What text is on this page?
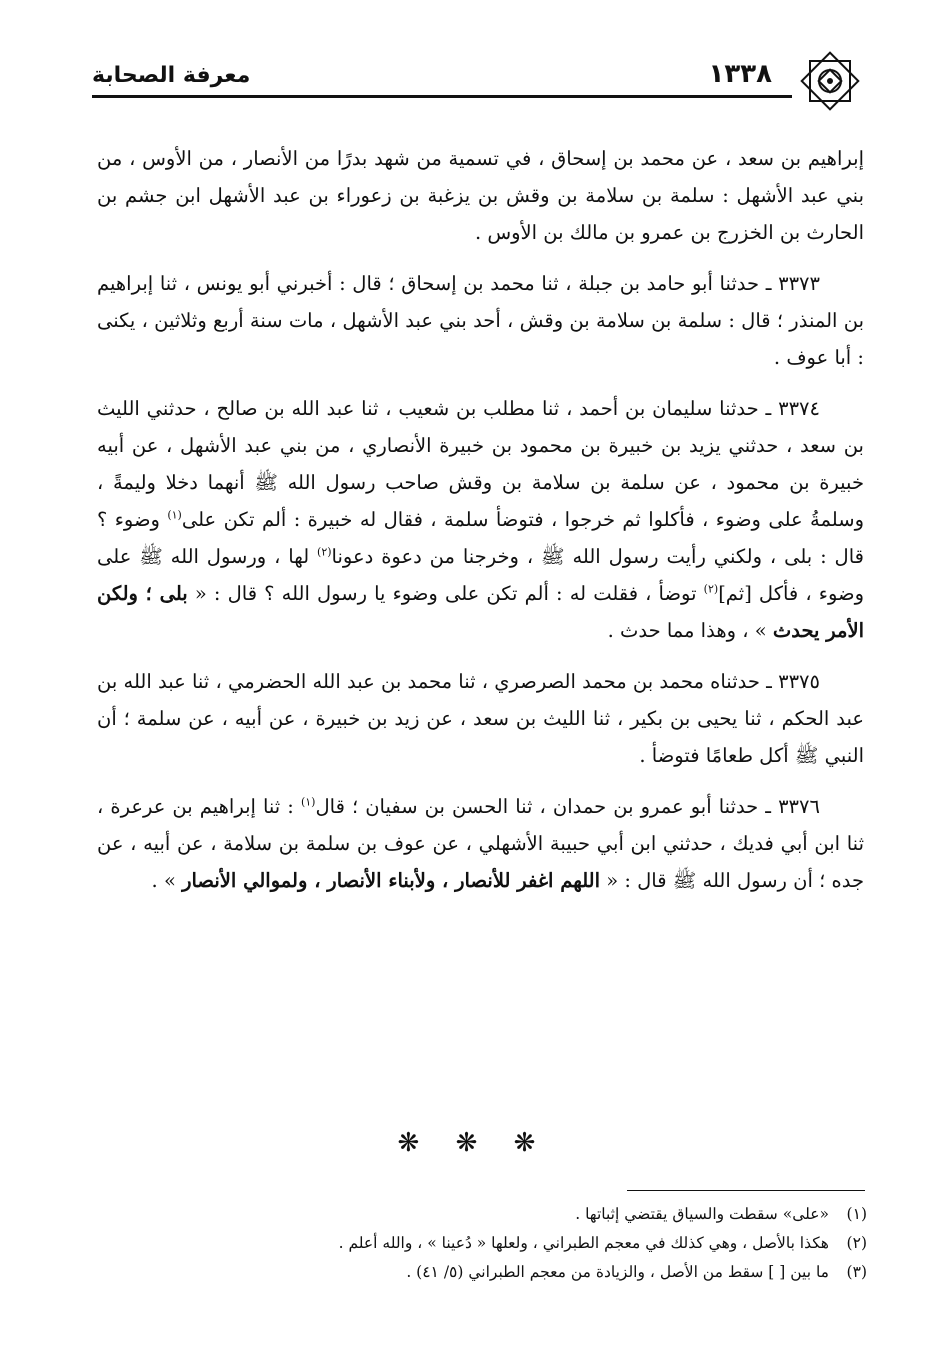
معرفة الصحابة	١٣٣٨

إبراهيم بن سعد ، عن محمد بن إسحاق ، في تسمية من شهد بدرًا من الأنصار ، من الأوس ، من بني عبد الأشهل : سلمة بن سلامة بن وقش بن يزغبة بن زعوراء بن عبد الأشهل ابن جشم بن الحارث بن الخزرج بن عمرو بن مالك بن الأوس .

٣٣٧٣ ـ حدثنا أبو حامد بن جبلة ، ثنا محمد بن إسحاق ؛ قال : أخبرني أبو يونس ، ثنا إبراهيم بن المنذر ؛ قال : سلمة بن سلامة بن وقش ، أحد بني عبد الأشهل ، مات سنة أربع وثلاثين ، يكنى : أبا عوف .

٣٣٧٤ ـ حدثنا سليمان بن أحمد ، ثنا مطلب بن شعيب ، ثنا عبد الله بن صالح ، حدثني الليث بن سعد ، حدثني يزيد بن خبيرة بن محمود بن خبيرة الأنصاري ، من بني عبد الأشهل ، عن أبيه خبيرة بن محمود ، عن سلمة بن سلامة بن وقش صاحب رسول الله ﷺ أنهما دخلا وليمةً ، وسلمةُ على وضوء ، فأكلوا ثم خرجوا ، فتوضأ سلمة ، فقال له خبيرة : ألم تكن على$^{(١)}$ وضوء ؟ قال : بلى ، ولكني رأيت رسول الله ﷺ ، وخرجنا من دعوة دعونا$^{(٢)}$ لها ، ورسول الله ﷺ على وضوء ، فأكل [ثم]$^{(٢)}$ توضأ ، فقلت له : ألم تكن على وضوء يا رسول الله ؟ قال : « بلى ؛ ولكن الأمر يحدث » ، وهذا مما حدث .

٣٣٧٥ ـ حدثناه محمد بن محمد الصرصري ، ثنا محمد بن عبد الله الحضرمي ، ثنا عبد الله بن عبد الحكم ، ثنا يحيى بن بكير ، ثنا الليث بن سعد ، عن زيد بن خبيرة ، عن أبيه ، عن سلمة ؛ أن النبي ﷺ أكل طعامًا فتوضأ .

٣٣٧٦ ـ حدثنا أبو عمرو بن حمدان ، ثنا الحسن بن سفيان ؛ قال$^{(١)}$ : ثنا إبراهيم بن عرعرة ، ثنا ابن أبي فديك ، حدثني ابن أبي حبيبة الأشهلي ، عن عوف بن سلمة بن سلامة ، عن أبيه ، عن جده ؛ أن رسول الله ﷺ قال : « اللهم اغفر للأنصار ، ولأبناء الأنصار ، ولموالي الأنصار » .

❋ ❋ ❋

(١)«على» سقطت والسياق يقتضي إثباتها .

(٢)هكذا بالأصل ، وهي كذلك في معجم الطبراني ، ولعلها « دُعينا » ، والله أعلم .

(٣)ما بين [ ] سقط من الأصل ، والزيادة من معجم الطبراني (٥/ ٤١) .
